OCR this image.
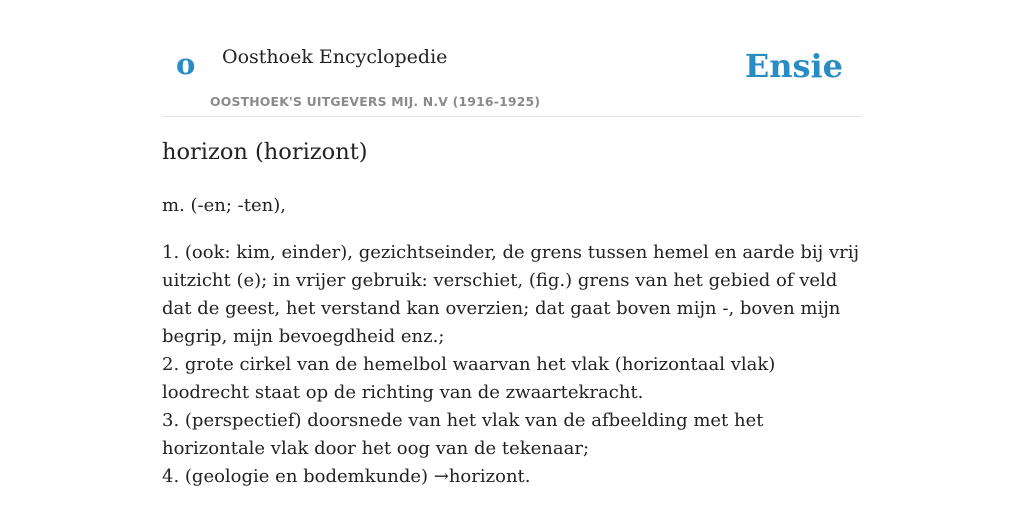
o Oosthoek Encyclopedie
OOSTHOEK'S UITGEVERS MIJ. N.V (1916-1925)
Ensie
horizon (horizont)

m. (-en; -ten),

1. (ook: kim, einder), gezichtseinder, de grens tussen hemel en aarde bij vrij uitzicht (e); in vrijer gebruik: verschiet, (fig.) grens van het gebied of veld dat de geest, het verstand kan overzien; dat gaat boven mijn -, boven mijn begrip, mijn bevoegdheid enz.;

2. grote cirkel van de hemelbol waarvan het vlak (horizontaal vlak) loodrecht staat op de richting van de zwaartekracht.

3. (perspectief) doorsnede van het vlak van de afbeelding met het horizontale vlak door het oog van de tekenaar;

4. (geologie en bodemkunde) →horizont.
